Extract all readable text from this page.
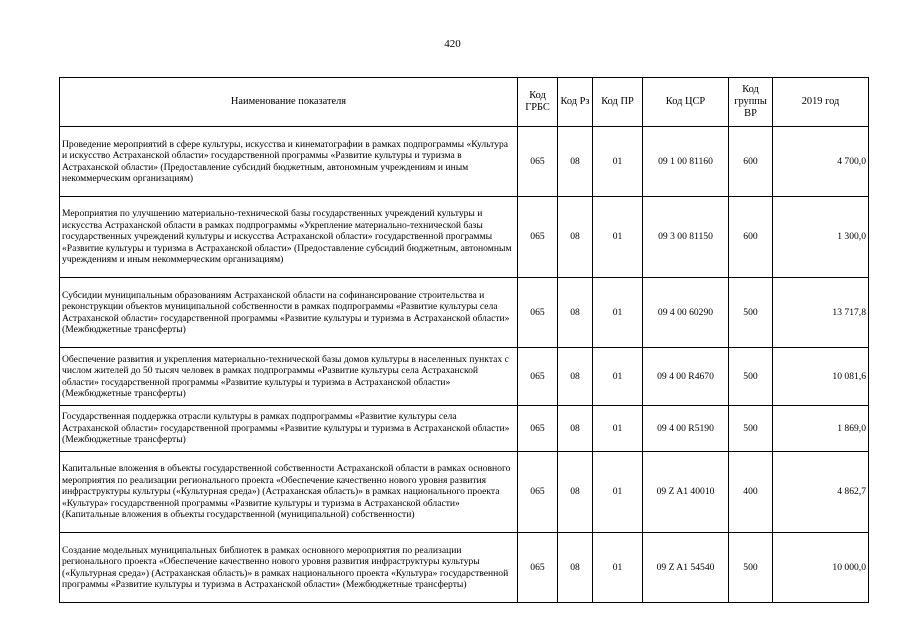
420
Наименование показателя	Код ГРБС	Код Рз	Код ПР	Код ЦСР	Код группы ВР	2019 год
Проведение мероприятий в сфере культуры, искусства и кинематографии в рамках подпрограммы «Культура и искусство Астраханской области» государственной программы «Развитие культуры и туризма в Астраханской области» (Предоставление субсидий бюджетным, автономным учреждениям и иным некоммерческим организациям)	065	08	01	09 1 00 81160	600	4 700,0
Мероприятия по улучшению материально-технической базы государственных учреждений культуры и искусства Астраханской области в рамках подпрограммы «Укрепление материально-технической базы государственных учреждений культуры и искусства Астраханской области» государственной программы «Развитие культуры и туризма в Астраханской области» (Предоставление субсидий бюджетным, автономным учреждениям и иным некоммерческим организациям)	065	08	01	09 3 00 81150	600	1 300,0
Субсидии муниципальным образованиям Астраханской области на софинансирование строительства и реконструкции объектов муниципальной собственности в рамках подпрограммы «Развитие культуры села Астраханской области» государственной программы «Развитие культуры и туризма в Астраханской области» (Межбюджетные трансферты)	065	08	01	09 4 00 60290	500	13 717,8
Обеспечение развития и укрепления материально-технической базы домов культуры в населенных пунктах с числом жителей до 50 тысяч человек в рамках подпрограммы «Развитие культуры села Астраханской области» государственной программы «Развитие культуры и туризма в Астраханской области» (Межбюджетные трансферты)	065	08	01	09 4 00 R4670	500	10 081,6
Государственная поддержка отрасли культуры в рамках подпрограммы «Развитие культуры села Астраханской области» государственной программы «Развитие культуры и туризма в Астраханской области» (Межбюджетные трансферты)	065	08	01	09 4 00 R5190	500	1 869,0
Капитальные вложения в объекты государственной собственности Астраханской области в рамках основного мероприятия по реализации регионального проекта «Обеспечение качественно нового уровня развития инфраструктуры культуры («Культурная среда») (Астраханская область)» в рамках национального проекта «Культура» государственной программы «Развитие культуры и туризма в Астраханской области» (Капитальные вложения в объекты государственной (муниципальной) собственности)	065	08	01	09 Z A1 40010	400	4 862,7
Создание модельных муниципальных библиотек в рамках основного мероприятия по реализации регионального проекта «Обеспечение качественно нового уровня развития инфраструктуры культуры («Культурная среда») (Астраханская область)» в рамках национального проекта «Культура» государственной программы «Развитие культуры и туризма в Астраханской области» (Межбюджетные трансферты)	065	08	01	09 Z A1 54540	500	10 000,0
